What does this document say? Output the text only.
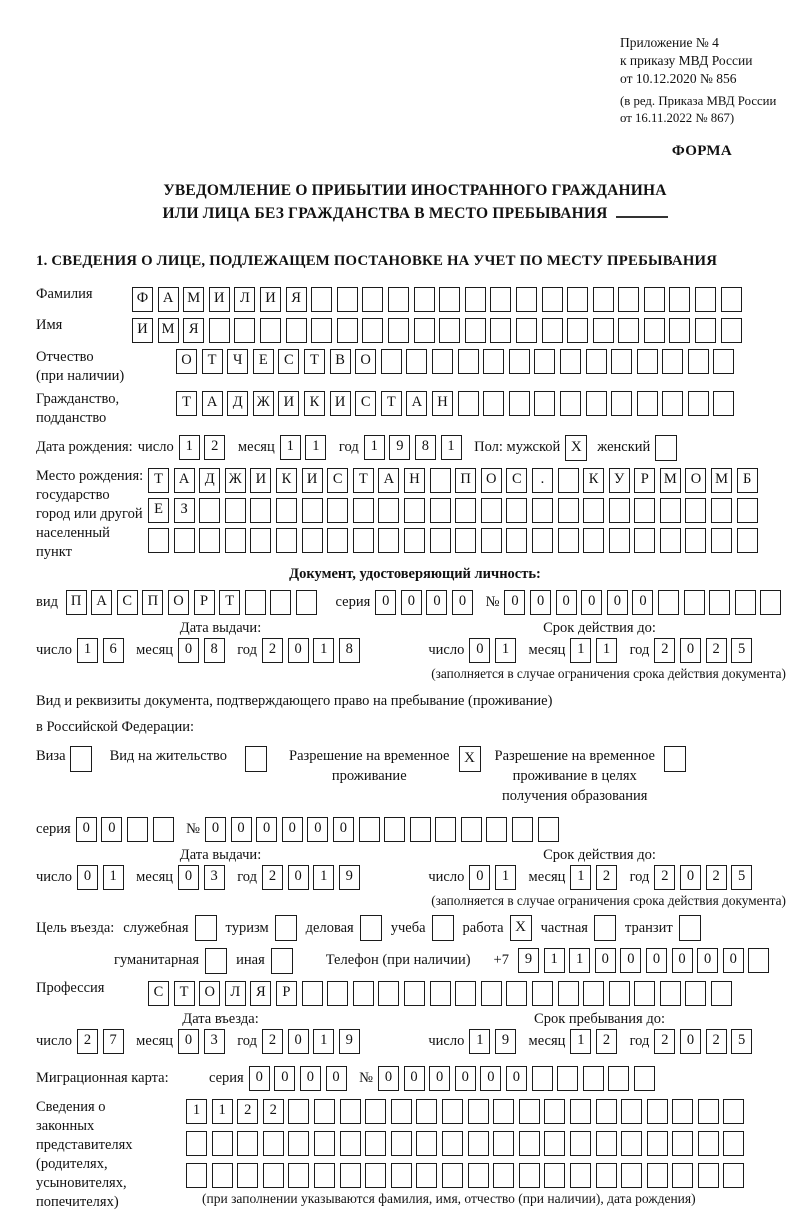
Приложение № 4
к приказу МВД России
от 10.12.2020 № 856
(в ред. Приказа МВД России
от 16.11.2022 № 867)
ФОРМА
УВЕДОМЛЕНИЕ О ПРИБЫТИИ ИНОСТРАННОГО ГРАЖДАНИНА
ИЛИ ЛИЦА БЕЗ ГРАЖДАНСТВА В МЕСТО ПРЕБЫВАНИЯ
1. СВЕДЕНИЯ О ЛИЦЕ, ПОДЛЕЖАЩЕМ ПОСТАНОВКЕ НА УЧЕТ ПО МЕСТУ ПРЕБЫВАНИЯ
Фамилия	Ф А М И Л И Я
Имя	И М Я
Отчество
(при наличии)
О Т Ч Е С Т В О
Гражданство,
подданство
Т А Д Ж И К И С Т А Н
Дата рождения: число 1 2	месяц 1 1	год 1 9 8 1	Пол: мужской X	женский
Место рождения:
государство
город или другой
населенный пункт
Т А Д Ж И К И С Т А Н	П О С .	К У Р М О М Б
Е З
Документ, удостоверяющий личность:
вид П А С П О Р Т	серия 0 0 0 0	№ 0 0 0 0 0 0
Дата выдачи:	Срок действия до:
число 1 6	месяц 0 8	год 2 0 1 8	число 0 1	месяц 1 1	год 2 0 2 5
(заполняется в случае ограничения срока действия документа)
Вид и реквизиты документа, подтверждающего право на пребывание (проживание)
в Российской Федерации:
Виза	Вид на жительство	Разрешение на временное
проживание
X	Разрешение на временное
проживание в целях
получения образования
серия 0 0	№ 0 0 0 0 0 0
Дата выдачи:	Срок действия до:
число 0 1	месяц 0 3	год 2 0 1 9	число 0 1	месяц 1 2	год 2 0 2 5
(заполняется в случае ограничения срока действия документа)
Цель въезда: служебная	туризм	деловая	учеба	работа X	частная	транзит
гуманитарная	иная	Телефон (при наличии) +7	9 1 1 0 0 0 0 0 0
Профессия	С Т О Л Я Р
Дата въезда:	Срок пребывания до:
число 2 7	месяц 0 3	год 2 0 1 9	число 1 9	месяц 1 2	год 2 0 2 5
Миграционная карта:	серия 0 0 0 0	№ 0 0 0 0 0 0
Сведения о
законных
представителях
(родителях,
усыновителях,
попечителях)
1 1 2 2
(при заполнении указываются фамилия, имя, отчество (при наличии), дата рождения)
